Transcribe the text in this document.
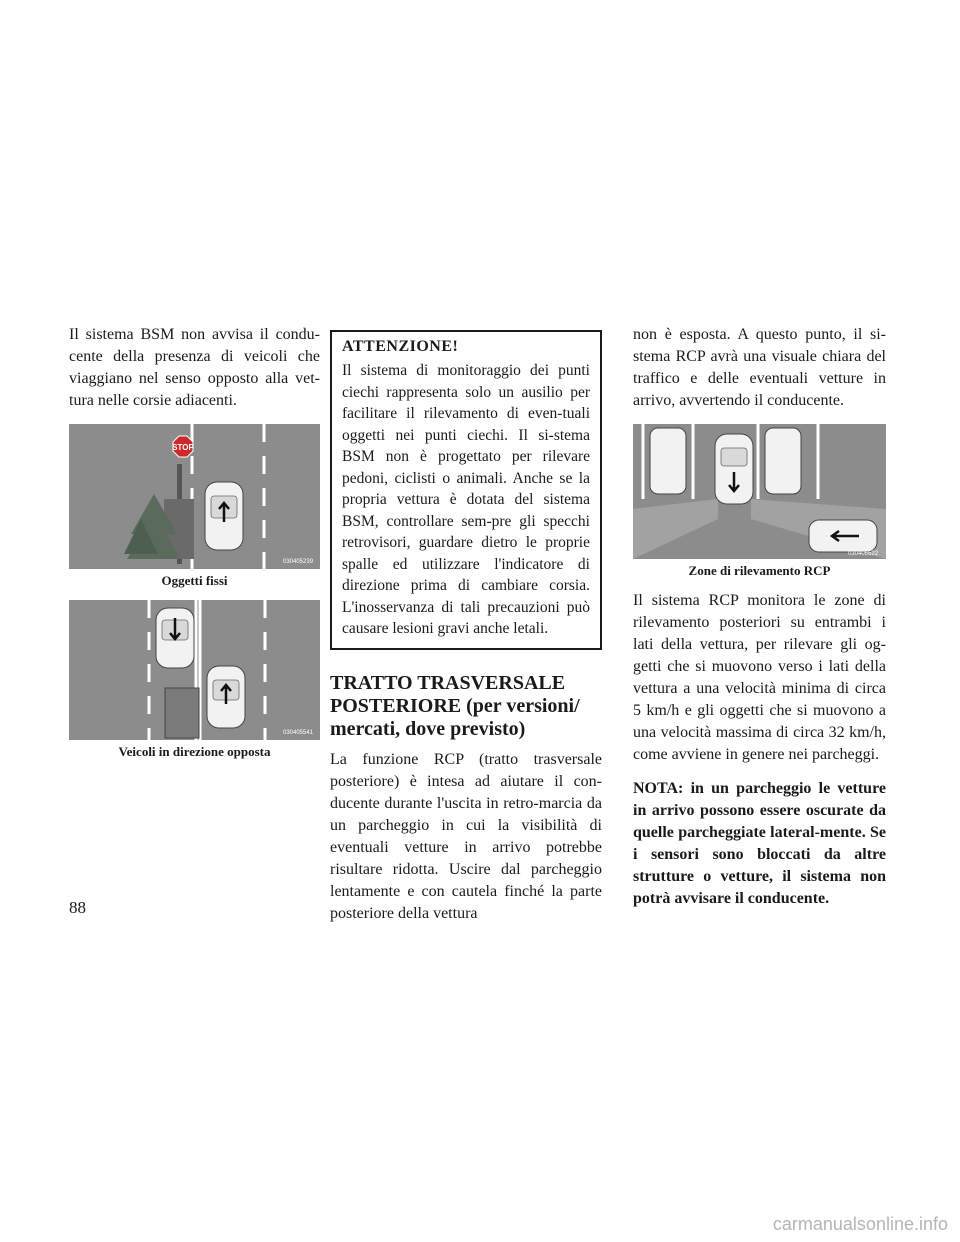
Il sistema BSM non avvisa il condu-cente della presenza di veicoli che viaggiano nel senso opposto alla vet-tura nelle corsie adiacenti.

STOP
030405239
Oggetti fissi
030405541
Veicoli in direzione opposta
ATTENZIONE!

Il sistema di monitoraggio dei punti ciechi rappresenta solo un ausilio per facilitare il rilevamento di even-tuali oggetti nei punti ciechi. Il si-stema BSM non è progettato per rilevare pedoni, ciclisti o animali. Anche se la propria vettura è dotata del sistema BSM, controllare sem-pre gli specchi retrovisori, guardare dietro le proprie spalle ed utilizzare l'indicatore di direzione prima di cambiare corsia. L'inosservanza di tali precauzioni può causare lesioni gravi anche letali.

TRATTO TRASVERSALE POSTERIORE (per versioni/ mercati, dove previsto)

La funzione RCP (tratto trasversale posteriore) è intesa ad aiutare il con-ducente durante l'uscita in retro-marcia da un parcheggio in cui la visibilità di eventuali vetture in arrivo potrebbe risultare ridotta. Uscire dal parcheggio lentamente e con cautela finché la parte posteriore della vettura

non è esposta. A questo punto, il si-stema RCP avrà una visuale chiara del traffico e delle eventuali vetture in arrivo, avvertendo il conducente.

030405522
Zone di rilevamento RCP

Il sistema RCP monitora le zone di rilevamento posteriori su entrambi i lati della vettura, per rilevare gli og-getti che si muovono verso i lati della vettura a una velocità minima di circa 5 km/h e gli oggetti che si muovono a una velocità massima di circa 32 km/h, come avviene in genere nei parcheggi.

NOTA: in un parcheggio le vetture in arrivo possono essere oscurate da quelle parcheggiate lateral-mente. Se i sensori sono bloccati da altre strutture o vetture, il sistema non potrà avvisare il conducente.

88
carmanualsonline.info
